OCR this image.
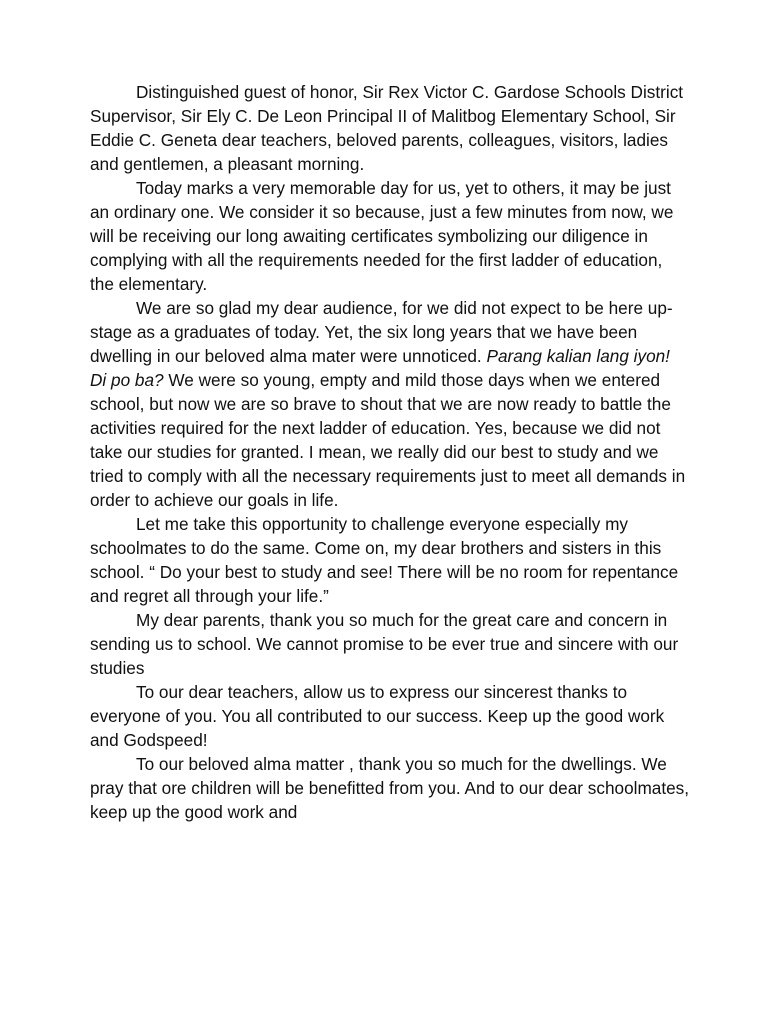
Distinguished guest of honor, Sir Rex Victor C. Gardose Schools District Supervisor, Sir Ely C. De Leon Principal II of Malitbog Elementary School, Sir Eddie C. Geneta dear teachers, beloved parents, colleagues, visitors, ladies and gentlemen, a pleasant morning.

Today marks a very memorable day for us, yet to others, it may be just an ordinary one. We consider it so because, just a few minutes from now, we will be receiving our long awaiting certificates symbolizing our diligence in complying with all the requirements needed for the first ladder of education, the elementary.

We are so glad my dear audience, for we did not expect to be here up-stage as a graduates of today. Yet, the six long years that we have been dwelling in our beloved alma mater were unnoticed. Parang kalian lang iyon! Di po ba? We were so young, empty and mild those days when we entered school, but now we are so brave to shout that we are now ready to battle the activities required for the next ladder of education. Yes, because we did not take our studies for granted. I mean, we really did our best to study and we tried to comply with all the necessary requirements just to meet all demands in order to achieve our goals in life.

Let me take this opportunity to challenge everyone especially my schoolmates to do the same. Come on, my dear brothers and sisters in this school. “ Do your best to study and see! There will be no room for repentance and regret all through your life.”

My dear parents, thank you so much for the great care and concern in sending us to school. We cannot promise to be ever true and sincere with our studies

To our dear teachers, allow us to express our sincerest thanks to everyone of you. You all contributed to our success. Keep up the good work and Godspeed!

To our beloved alma matter , thank you so much for the dwellings. We pray that ore children will be benefitted from you. And to our dear schoolmates, keep up the good work and
